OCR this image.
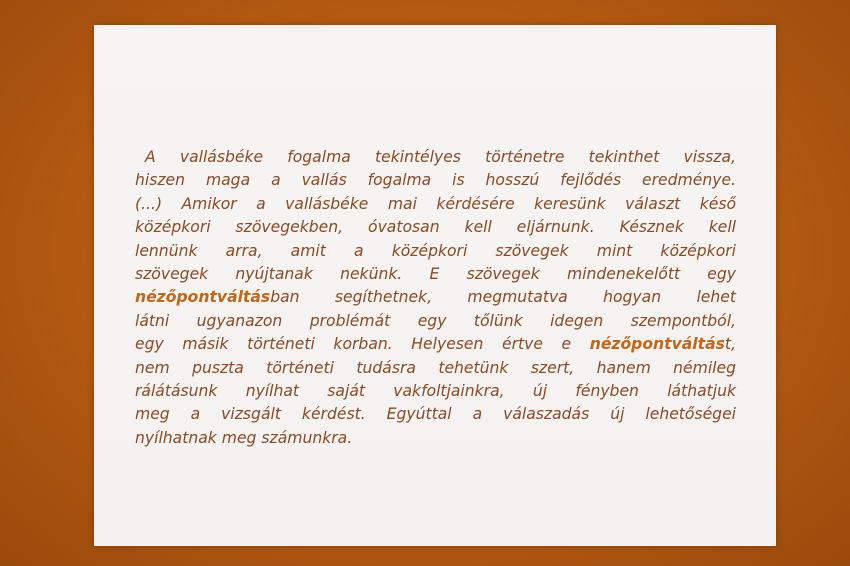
A vallásbéke fogalma tekintélyes történetre tekinthet vissza,
hiszen maga a vallás fogalma is hosszú fejlődés eredménye.
(...) Amikor a vallásbéke mai kérdésére keresünk választ késő
középkori szövegekben, óvatosan kell eljárnunk. Késznek kell
lennünk arra, amit a középkori szövegek mint középkori
szövegek nyújtanak nekünk. E szövegek mindenekelőtt egy
nézőpontváltásban segíthetnek, megmutatva hogyan lehet
látni ugyanazon problémát egy tőlünk idegen szempontból,
egy másik történeti korban. Helyesen értve e nézőpontváltást,
nem puszta történeti tudásra tehetünk szert, hanem némileg
rálátásunk nyílhat saját vakfoltjainkra, új fényben láthatjuk
meg a vizsgált kérdést. Egyúttal a válaszadás új lehetőségei
nyílhatnak meg számunkra.
